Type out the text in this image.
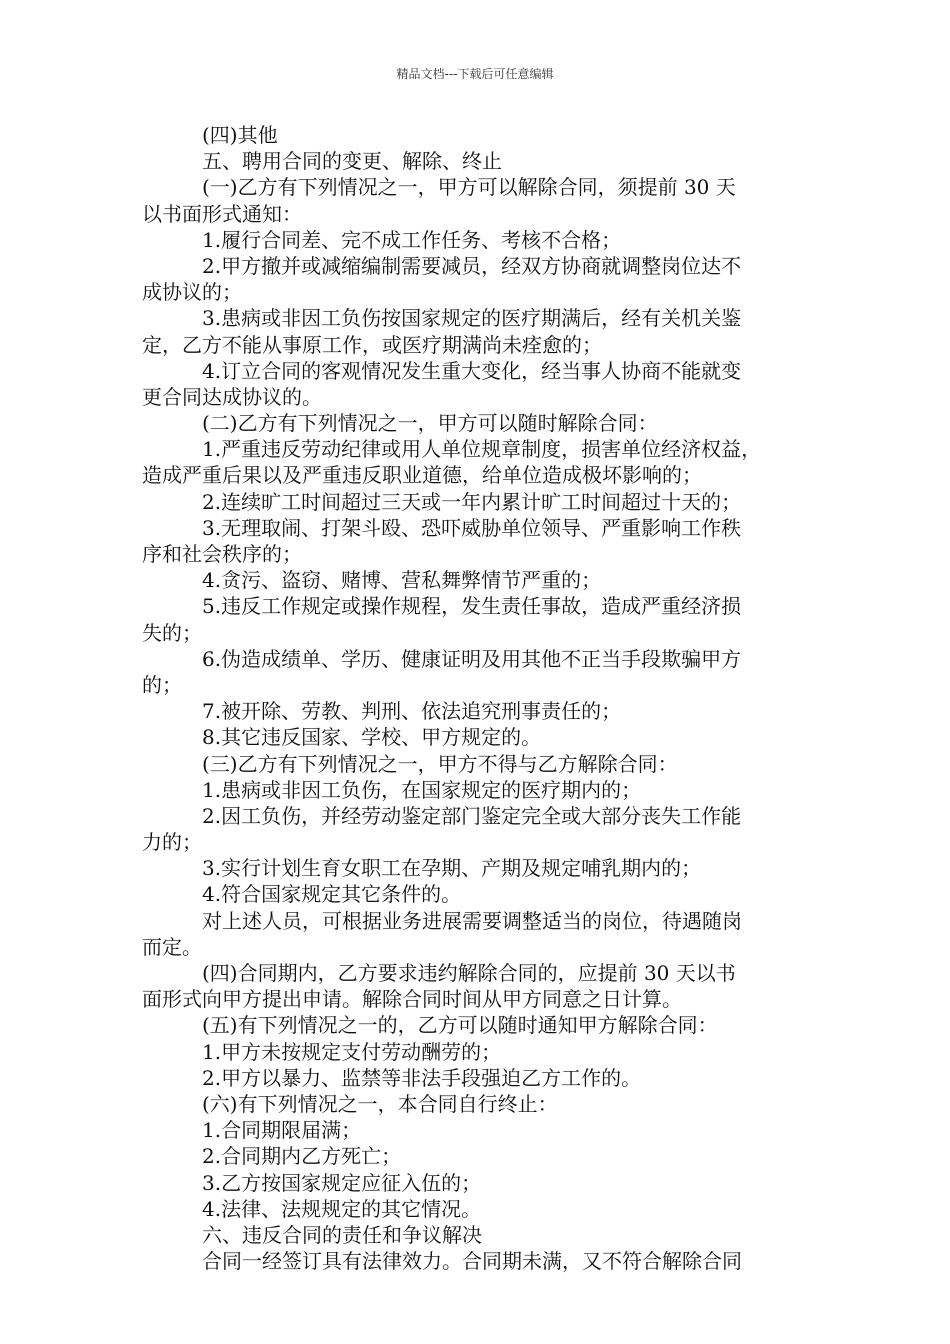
精品文档---下载后可任意编辑
(四)其他
五、聘用合同的变更、解除、终止
(一)乙方有下列情况之一，甲方可以解除合同，须提前 30 天
以书面形式通知：
1.履行合同差、完不成工作任务、考核不合格；
2.甲方撤并或减缩编制需要减员，经双方协商就调整岗位达不
成协议的；
3.患病或非因工负伤按国家规定的医疗期满后，经有关机关鉴
定，乙方不能从事原工作，或医疗期满尚未痊愈的；
4.订立合同的客观情况发生重大变化，经当事人协商不能就变
更合同达成协议的。
(二)乙方有下列情况之一，甲方可以随时解除合同：
1.严重违反劳动纪律或用人单位规章制度，损害单位经济权益，
造成严重后果以及严重违反职业道德，给单位造成极坏影响的；
2.连续旷工时间超过三天或一年内累计旷工时间超过十天的；
3.无理取闹、打架斗殴、恐吓威胁单位领导、严重影响工作秩
序和社会秩序的；
4.贪污、盗窃、赌博、营私舞弊情节严重的；
5.违反工作规定或操作规程，发生责任事故，造成严重经济损
失的；
6.伪造成绩单、学历、健康证明及用其他不正当手段欺骗甲方
的；
7.被开除、劳教、判刑、依法追究刑事责任的；
8.其它违反国家、学校、甲方规定的。
(三)乙方有下列情况之一，甲方不得与乙方解除合同：
1.患病或非因工负伤，在国家规定的医疗期内的；
2.因工负伤，并经劳动鉴定部门鉴定完全或大部分丧失工作能
力的；
3.实行计划生育女职工在孕期、产期及规定哺乳期内的；
4.符合国家规定其它条件的。
对上述人员，可根据业务进展需要调整适当的岗位，待遇随岗
而定。
(四)合同期内，乙方要求违约解除合同的，应提前 30 天以书
面形式向甲方提出申请。解除合同时间从甲方同意之日计算。
(五)有下列情况之一的，乙方可以随时通知甲方解除合同：
1.甲方未按规定支付劳动酬劳的；
2.甲方以暴力、监禁等非法手段强迫乙方工作的。
(六)有下列情况之一，本合同自行终止：
1.合同期限届满；
2.合同期内乙方死亡；
3.乙方按国家规定应征入伍的；
4.法律、法规规定的其它情况。
六、违反合同的责任和争议解决
合同一经签订具有法律效力。合同期未满，又不符合解除合同
